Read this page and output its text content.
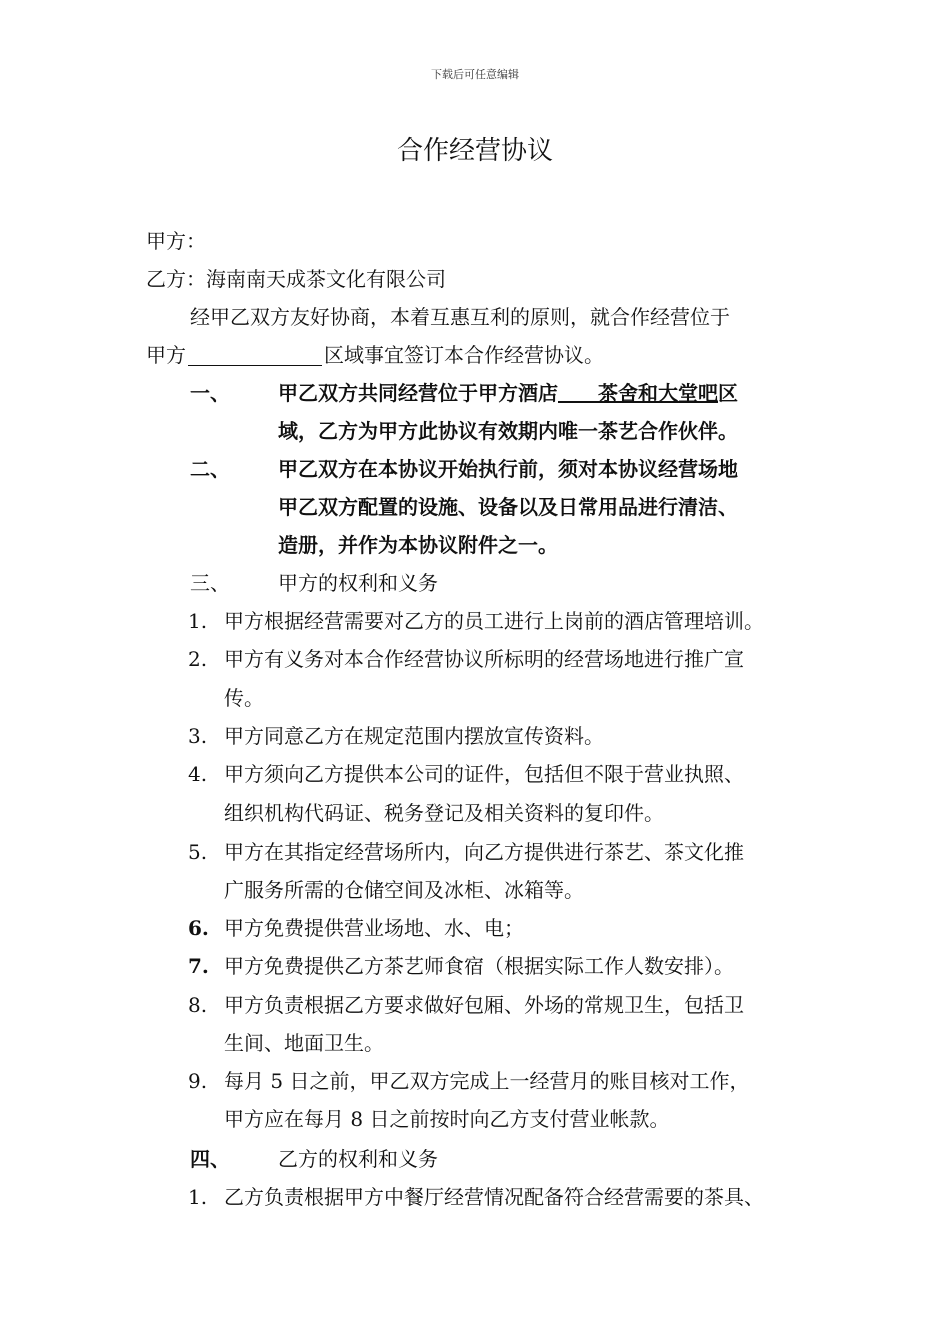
下载后可任意编辑
合作经营协议
甲方：
乙方：海南南天成茶文化有限公司
经甲乙双方友好协商，本着互惠互利的原则，就合作经营位于
甲方	区域事宜签订本合作经营协议。
一、 甲乙双方共同经营位于甲方酒店   茶舍和大堂吧区
域，乙方为甲方此协议有效期内唯一茶艺合作伙伴。
二、 甲乙双方在本协议开始执行前，须对本协议经营场地
甲乙双方配置的设施、设备以及日常用品进行清洁、
造册，并作为本协议附件之一。
三、 甲方的权利和义务
1. 甲方根据经营需要对乙方的员工进行上岗前的酒店管理培训。
2. 甲方有义务对本合作经营协议所标明的经营场地进行推广宣
传。
3. 甲方同意乙方在规定范围内摆放宣传资料。
4. 甲方须向乙方提供本公司的证件，包括但不限于营业执照、
组织机构代码证、税务登记及相关资料的复印件。
5. 甲方在其指定经营场所内，向乙方提供进行茶艺、茶文化推
广服务所需的仓储空间及冰柜、冰箱等。
6. 甲方免费提供营业场地、水、电；
7. 甲方免费提供乙方茶艺师食宿（根据实际工作人数安排）。
8. 甲方负责根据乙方要求做好包厢、外场的常规卫生，包括卫
生间、地面卫生。
9. 每月 5 日之前，甲乙双方完成上一经营月的账目核对工作，
甲方应在每月 8 日之前按时向乙方支付营业帐款。
四、 乙方的权利和义务
1. 乙方负责根据甲方中餐厅经营情况配备符合经营需要的茶具、
